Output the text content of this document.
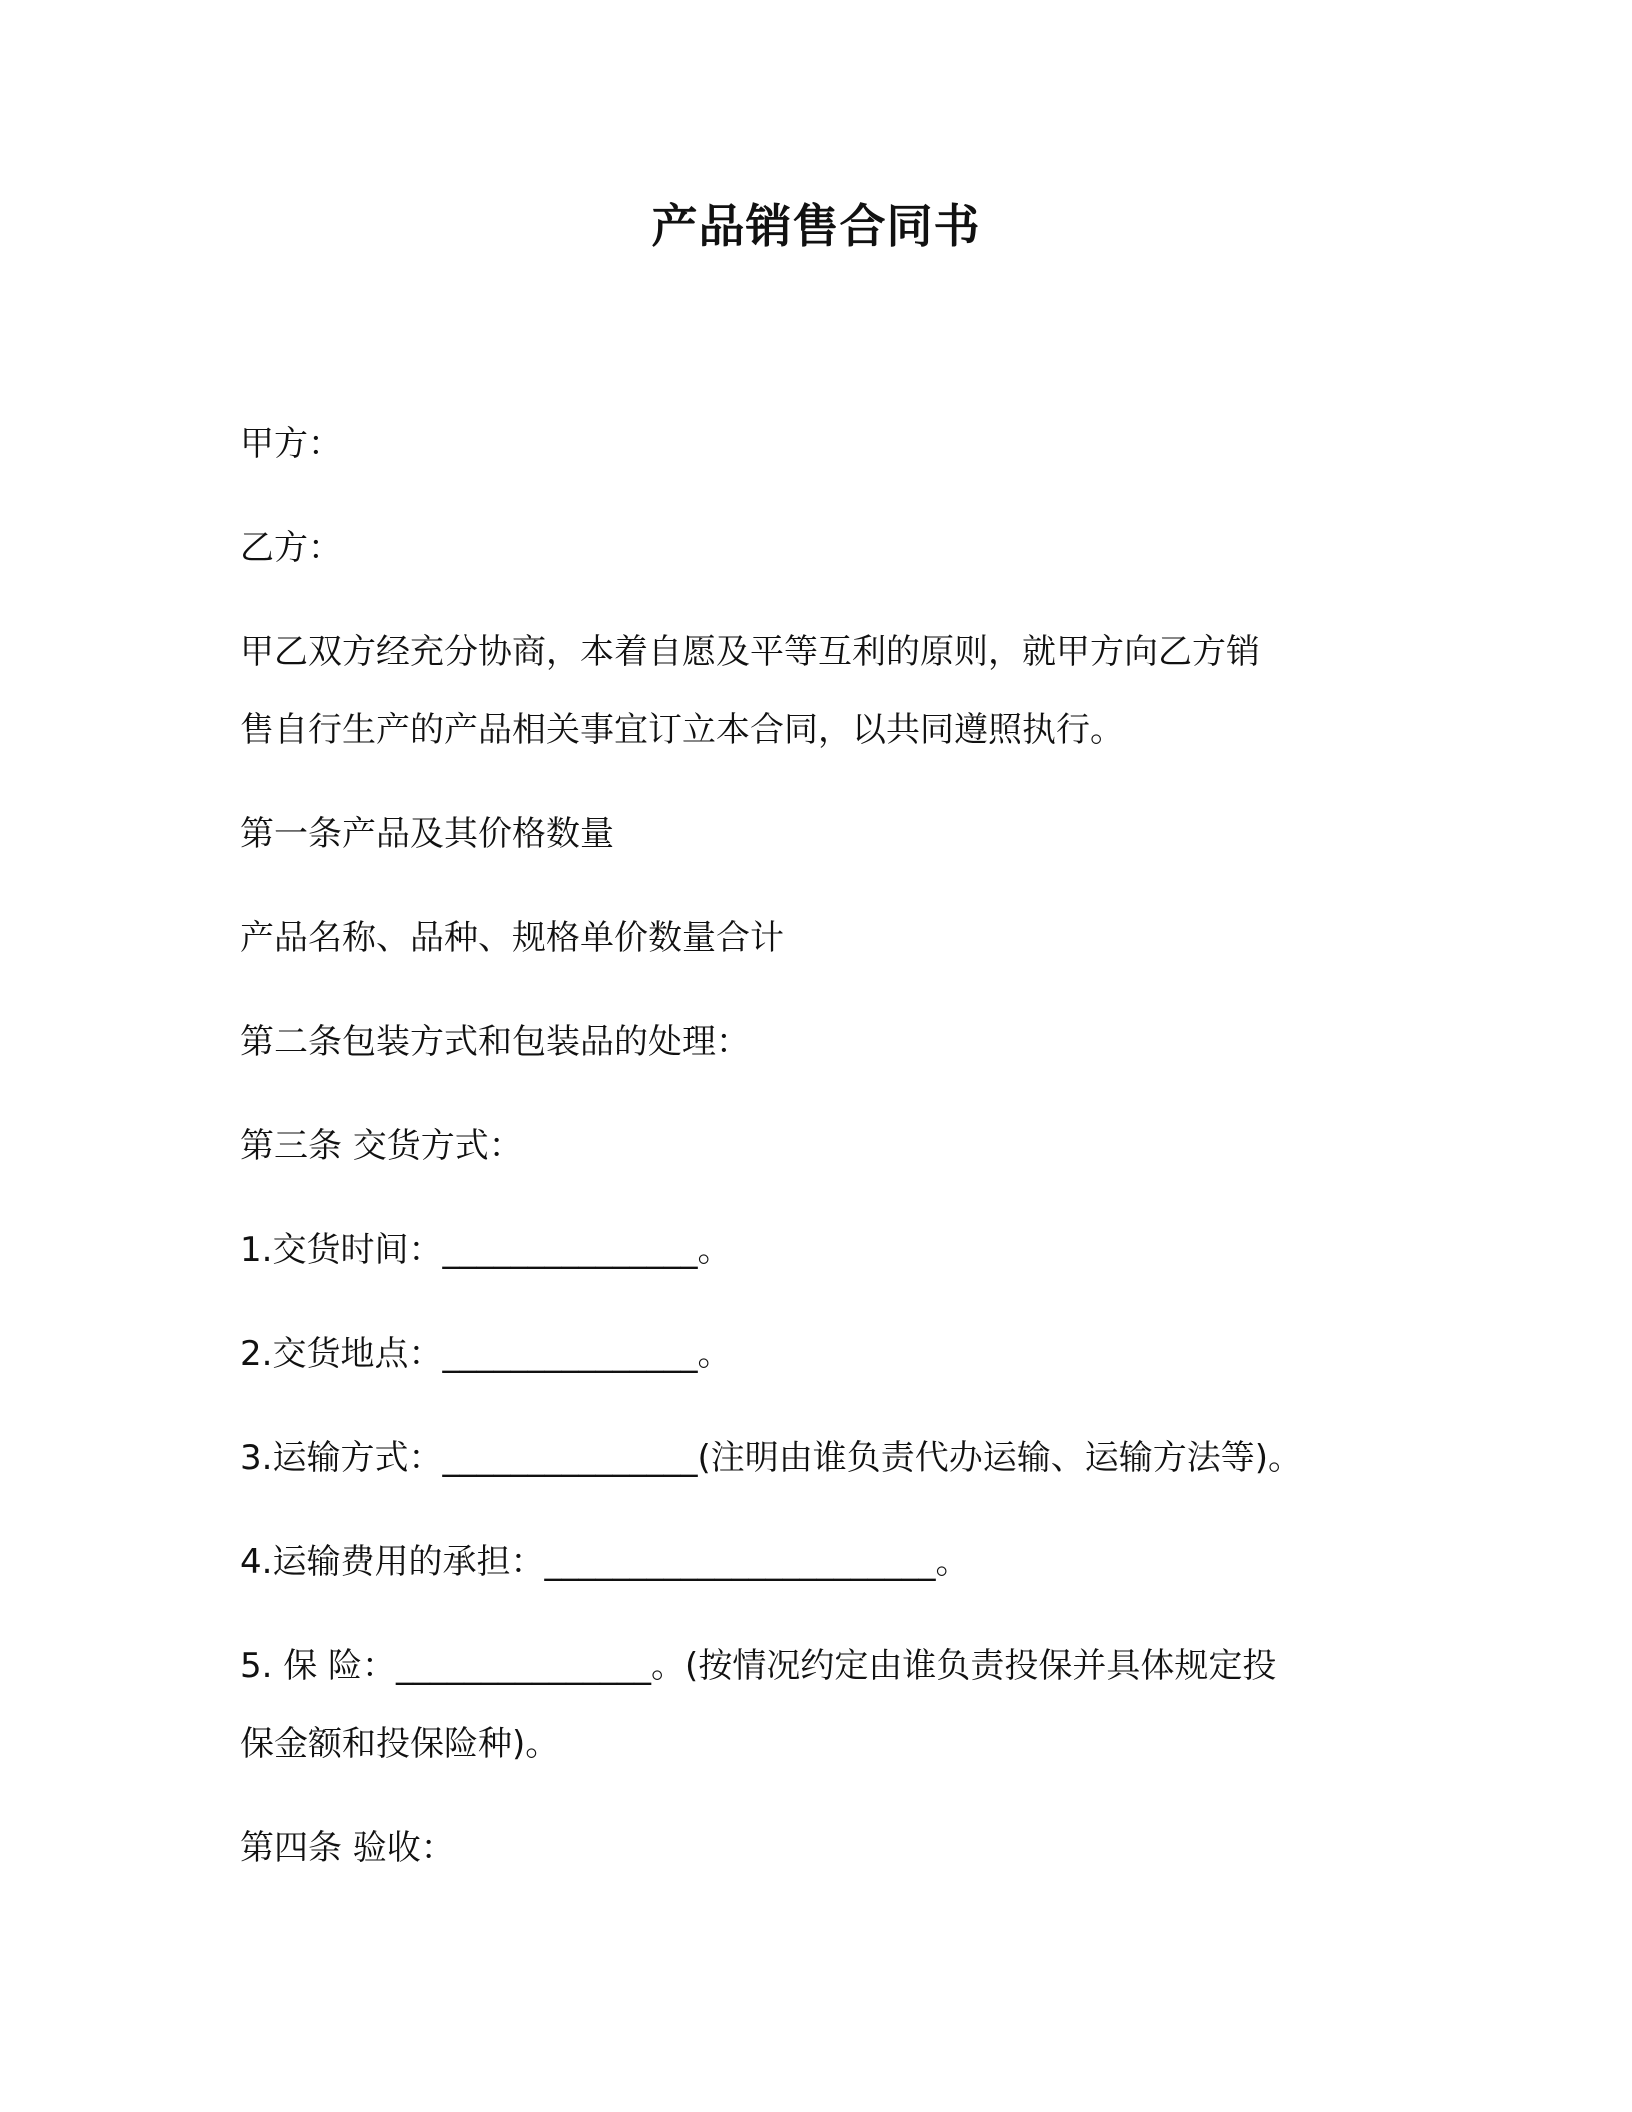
产品销售合同书
甲方：
乙方：
甲乙双方经充分协商，本着自愿及平等互利的原则，就甲方向乙方销
售自行生产的产品相关事宜订立本合同，以共同遵照执行。
第一条产品及其价格数量
产品名称、品种、规格单价数量合计
第二条包装方式和包装品的处理：
第三条 交货方式：
1.交货时间：_______________。
2.交货地点：_______________。
3.运输方式：_______________(注明由谁负责代办运输、运输方法等)。
4.运输费用的承担：_______________________。
5. 保 险：_______________。(按情况约定由谁负责投保并具体规定投
保金额和投保险种)。
第四条 验收：
